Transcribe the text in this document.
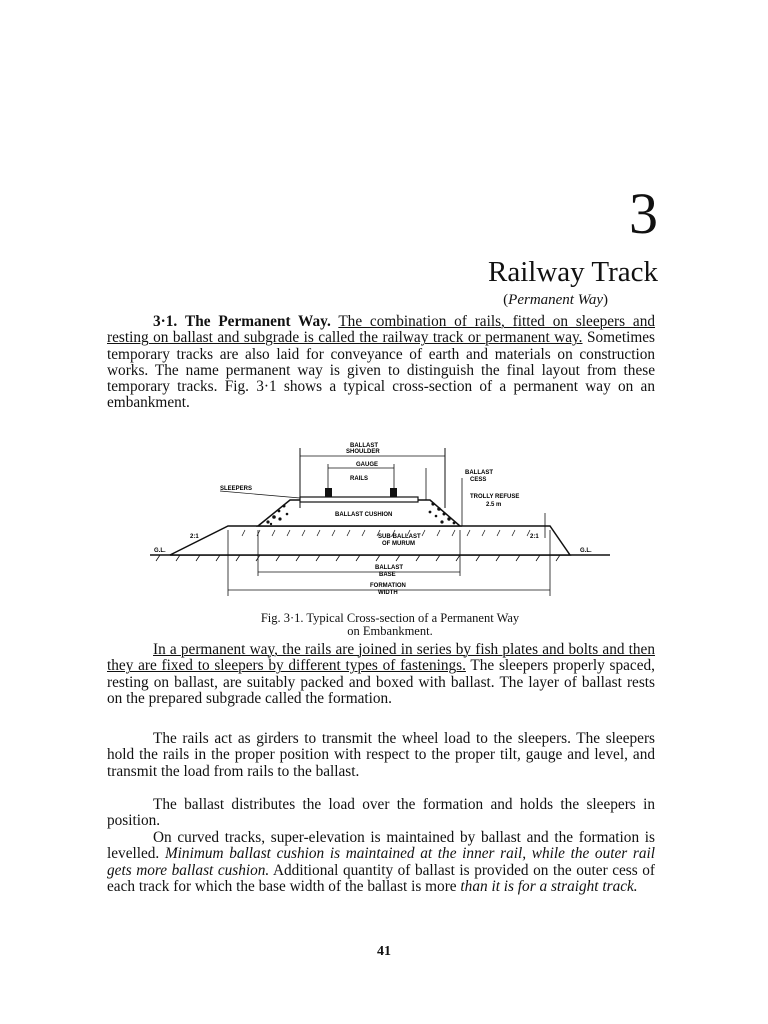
3
Railway Track
(Permanent Way)

3·1. The Permanent Way. The combination of rails, fitted on sleepers and resting on ballast and subgrade is called the railway track or permanent way. Sometimes temporary tracks are also laid for conveyance of earth and materials on construction works. The name permanent way is given to distinguish the final layout from these temporary tracks. Fig. 3·1 shows a typical cross-section of a permanent way on an embankment.

BALLAST
SHOULDER
GAUGE
RAILS
BALLAST
CESS
SLEEPERS
TROLLY REFUSE
2.5 m
BALLAST CUSHION
SUB-BALLAST
OF MURUM
2:1	2:1
G.L.	G.L.
BALLAST
BASE
FORMATION
WIDTH
Fig. 3·1. Typical Cross-section of a Permanent Way
on Embankment.

In a permanent way, the rails are joined in series by fish plates and bolts and then they are fixed to sleepers by different types of fastenings. The sleepers properly spaced, resting on ballast, are suitably packed and boxed with ballast. The layer of ballast rests on the prepared subgrade called the formation.

The rails act as girders to transmit the wheel load to the sleepers. The sleepers hold the rails in the proper position with respect to the proper tilt, gauge and level, and transmit the load from rails to the ballast.

The ballast distributes the load over the formation and holds the sleepers in position.

On curved tracks, super-elevation is maintained by ballast and the formation is levelled. Minimum ballast cushion is maintained at the inner rail, while the outer rail gets more ballast cushion. Additional quantity of ballast is provided on the outer cess of each track for which the base width of the ballast is more than it is for a straight track.

41
